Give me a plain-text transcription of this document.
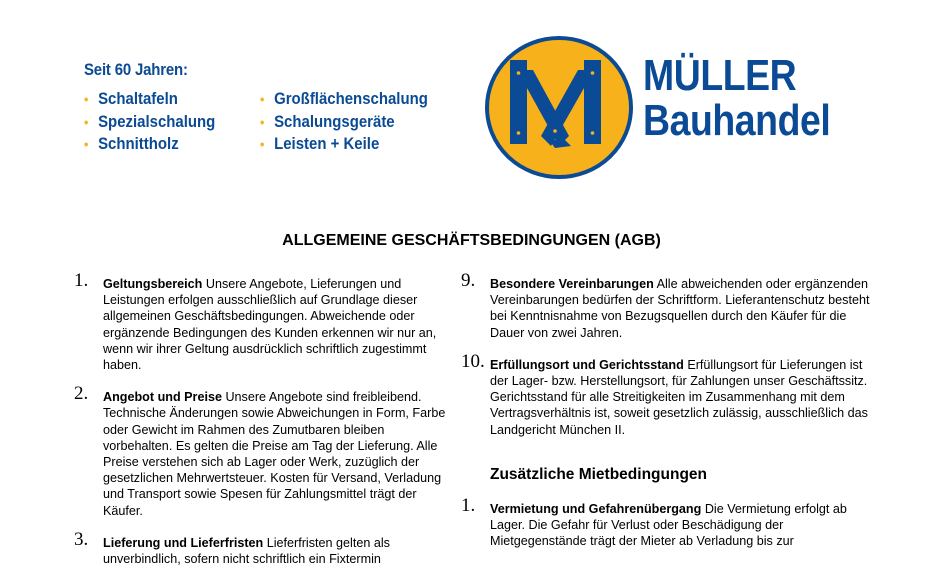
Seit 60 Jahren:
• Schaltafeln
• Spezialschalung
• Schnittholz
• Großflächenschalung
• Schalungsgeräte
• Leisten + Keile
MÜLLER
Bauhandel
ALLGEMEINE GESCHÄFTSBEDINGUNGEN (AGB)
1. Geltungsbereich Unsere Angebote, Lieferungen und Leistungen erfolgen ausschließlich auf Grundlage dieser allgemeinen Geschäftsbedingungen. Abweichende oder ergänzende Bedingungen des Kunden erkennen wir nur an, wenn wir ihrer Geltung ausdrücklich schriftlich zugestimmt haben.
2. Angebot und Preise Unsere Angebote sind freibleibend. Technische Änderungen sowie Abweichungen in Form, Farbe oder Gewicht im Rahmen des Zumutbaren bleiben vorbehalten. Es gelten die Preise am Tag der Lieferung. Alle Preise verstehen sich ab Lager oder Werk, zuzüglich der gesetzlichen Mehrwertsteuer. Kosten für Versand, Verladung und Transport sowie Spesen für Zahlungsmittel trägt der Käufer.
3. Lieferung und Lieferfristen Lieferfristen gelten als unverbindlich, sofern nicht schriftlich ein Fixtermin
9. Besondere Vereinbarungen Alle abweichenden oder ergänzenden Vereinbarungen bedürfen der Schriftform. Lieferantenschutz besteht bei Kenntnisnahme von Bezugsquellen durch den Käufer für die Dauer von zwei Jahren.
10. Erfüllungsort und Gerichtsstand Erfüllungsort für Lieferungen ist der Lager- bzw. Herstellungsort, für Zahlungen unser Geschäftssitz. Gerichtsstand für alle Streitigkeiten im Zusammenhang mit dem Vertragsverhältnis ist, soweit gesetzlich zulässig, ausschließlich das Landgericht München II.
Zusätzliche Mietbedingungen
1. Vermietung und Gefahrenübergang Die Vermietung erfolgt ab Lager. Die Gefahr für Verlust oder Beschädigung der Mietgegenstände trägt der Mieter ab Verladung bis zur
